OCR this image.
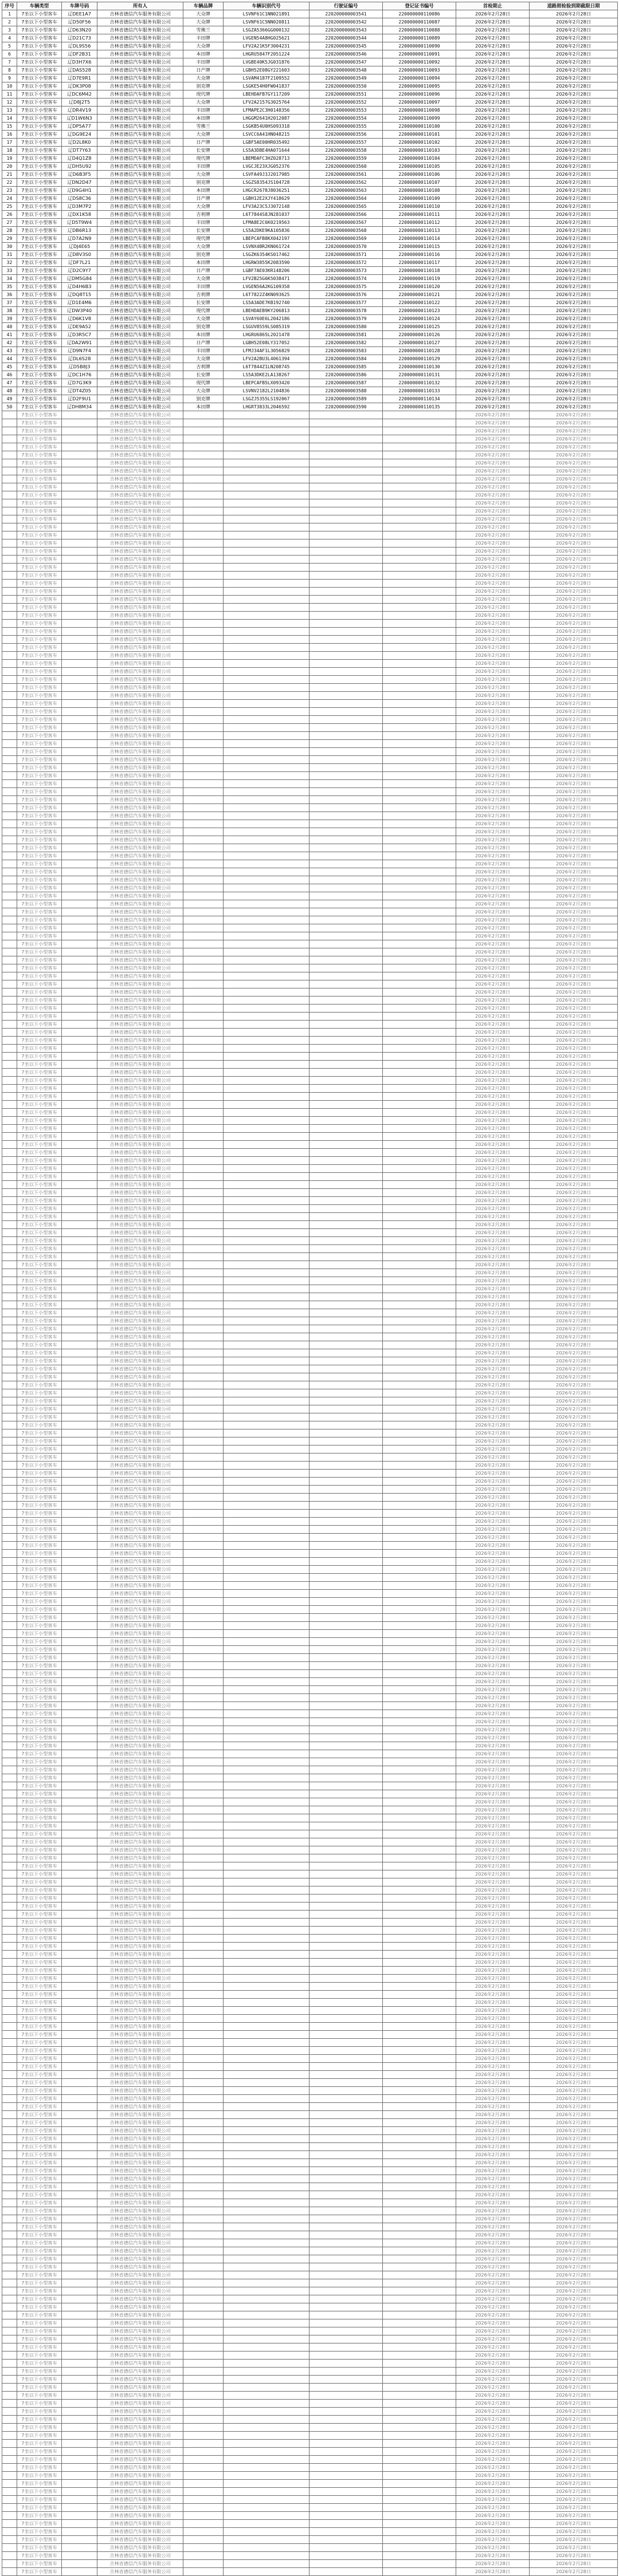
序号	车辆类型	车牌号码	所有人	车辆品牌	车辆识别代号	行驶证编号	登记证书编号	首检期止	道路照检验到期截限日期
1	7坐以下小型客车	辽DEE1A7	吉林省德信汽车服务有限公司	大众牌	LSVNF61C1NN021891	220200000003541	220000000110086	2026年2月28日	2026年2月28日
2	7坐以下小型客车	辽D50F56	吉林省德信汽车服务有限公司	大众牌	LSVNF61C5NN020811	220200000003542	220000000110087	2026年2月28日	2026年2月28日
3	7坐以下小型客车	辽D63N20	吉林省德信汽车服务有限公司	雪佛兰	LSGZA5366GG000132	220200000003543	220000000110088	2026年2月28日	2026年2月28日
4	7坐以下小型客车	辽D21C73	吉林省德信汽车服务有限公司	丰田牌	LVGEN54A8HG025621	220200000003544	220000000110089	2026年2月28日	2026年2月28日
5	7坐以下小型客车	辽DL9S56	吉林省德信汽车服务有限公司	大众牌	LFV2A21K5F3004231	220200000003545	220000000110090	2026年2月28日	2026年2月28日
6	7坐以下小型客车	辽DF2B31	吉林省德信汽车服务有限公司	本田牌	LHGRU5847F2051224	220200000003546	220000000110091	2026年2月28日	2026年2月28日
7	7坐以下小型客车	辽D3H7X6	吉林省德信汽车服务有限公司	丰田牌	LVGBE40K5JG031876	220200000003547	220000000110092	2026年2月28日	2026年2月28日
8	7坐以下小型客车	辽DAS528	吉林省德信汽车服务有限公司	日产牌	LGBH52E08GY221603	220200000003548	220000000110093	2026年2月28日	2026年2月28日
9	7坐以下小型客车	辽D7E9R1	吉林省德信汽车服务有限公司	大众牌	LSVAM4187F2109552	220200000003549	220000000110094	2026年2月28日	2026年2月28日
10	7坐以下小型客车	辽DK3P08	吉林省德信汽车服务有限公司	别克牌	LSGKE54H0FW041837	220200000003550	220000000110095	2026年2月28日	2026年2月28日
11	7坐以下小型客车	辽DC6M42	吉林省德信汽车服务有限公司	现代牌	LBEHDAFB7GY117209	220200000003551	220000000110096	2026年2月28日	2026年2月28日
12	7坐以下小型客车	辽D8J2T5	吉林省德信汽车服务有限公司	大众牌	LFV2A2157G3025764	220200000003552	220000000110097	2026年2月28日	2026年2月28日
13	7坐以下小型客车	辽DR4V19	吉林省德信汽车服务有限公司	丰田牌	LFMAPE2C3H0148356	220200000003553	220000000110098	2026年2月28日	2026年2月28日
14	7坐以下小型客车	辽D1W6N3	吉林省德信汽车服务有限公司	本田牌	LHGGM2641H2012087	220200000003554	220000000110099	2026年2月28日	2026年2月28日
15	7坐以下小型客车	辽DP5A77	吉林省德信汽车服务有限公司	雪佛兰	LSGKB54U0HS093318	220200000003555	220000000110100	2026年2月28日	2026年2月28日
16	7坐以下小型客车	辽DG9E24	吉林省德信汽车服务有限公司	大众牌	LSVCC6A41HN048215	220200000003556	220000000110101	2026年2月28日	2026年2月28日
17	7坐以下小型客车	辽D2L8K0	吉林省德信汽车服务有限公司	日产牌	LGBF5AE00HR035492	220200000003557	220000000110102	2026年2月28日	2026年2月28日
18	7坐以下小型客车	辽DT7Y63	吉林省德信汽车服务有限公司	长安牌	LS5A3DBE4HA071644	220200000003558	220000000110103	2026年2月28日	2026年2月28日
19	7坐以下小型客车	辽D4Q1Z8	吉林省德信汽车服务有限公司	现代牌	LBEMDAFC3HZ028713	220200000003559	220000000110104	2026年2月28日	2026年2月28日
20	7坐以下小型客车	辽DH5U92	吉林省德信汽车服务有限公司	丰田牌	LVGCJE23XJG052376	220200000003560	220000000110105	2026年2月28日	2026年2月28日
21	7坐以下小型客车	辽D6B3F5	吉林省德信汽车服务有限公司	大众牌	LSVFA49J3J2017985	220200000003561	220000000110106	2026年2月28日	2026年2月28日
22	7坐以下小型客车	辽DN2D47	吉林省德信汽车服务有限公司	别克牌	LSGZS8354JS104728	220200000003562	220000000110107	2026年2月28日	2026年2月28日
23	7坐以下小型客车	辽D9G4H1	吉林省德信汽车服务有限公司	本田牌	LHGCR2678J8036251	220200000003563	220000000110108	2026年2月28日	2026年2月28日
24	7坐以下小型客车	辽DS8C36	吉林省德信汽车服务有限公司	日产牌	LGBH12E2XJY418629	220200000003564	220000000110109	2026年2月28日	2026年2月28日
25	7坐以下小型客车	辽D3M7P2	吉林省德信汽车服务有限公司	大众牌	LFV3A23C5J3072148	220200000003565	220000000110110	2026年2月28日	2026年2月28日
26	7坐以下小型客车	辽DX1K58	吉林省德信汽车服务有限公司	吉利牌	L6T7844S8JN281037	220200000003566	220000000110111	2026年2月28日	2026年2月28日
27	7坐以下小型客车	辽D5T9W4	吉林省德信汽车服务有限公司	丰田牌	LFMA8E2C6K0219563	220200000003567	220000000110112	2026年2月28日	2026年2月28日
28	7坐以下小型客车	辽DB6R13	吉林省德信汽车服务有限公司	长安牌	LS5A2DKE9KA105836	220200000003568	220000000110113	2026年2月28日	2026年2月28日
29	7坐以下小型客车	辽D7A2N9	吉林省德信汽车服务有限公司	现代牌	LBEPCAFB8KX042197	220200000003569	220000000110114	2026年2月28日	2026年2月28日
30	7坐以下小型客车	辽DJ4E65	吉林省德信汽车服务有限公司	大众牌	LSVNX4BR2KN061724	220200000003570	220000000110115	2026年2月28日	2026年2月28日
31	7坐以下小型客车	辽D8V3S0	吉林省德信汽车服务有限公司	别克牌	LSGZK6354KS017462	220200000003571	220000000110116	2026年2月28日	2026年2月28日
32	7坐以下小型客车	辽DF7L21	吉林省德信汽车服务有限公司	本田牌	LHGRW3855K2083590	220200000003572	220000000110117	2026年2月28日	2026年2月28日
33	7坐以下小型客车	辽D2C9Y7	吉林省德信汽车服务有限公司	日产牌	LGBF7AE03KR148206	220200000003573	220000000110118	2026年2月28日	2026年2月28日
34	7坐以下小型客车	辽DM5G84	吉林省德信汽车服务有限公司	大众牌	LFV2B25G6K5038471	220200000003574	220000000110119	2026年2月28日	2026年2月28日
35	7坐以下小型客车	辽D4H6B3	吉林省德信汽车服务有限公司	丰田牌	LVGEN56A2KG109358	220200000003575	220000000110120	2026年2月28日	2026年2月28日
36	7坐以下小型客车	辽DQ8T15	吉林省德信汽车服务有限公司	吉利牌	L6T7822Z4KN093625	220200000003576	220000000110121	2026年2月28日	2026年2月28日
37	7坐以下小型客车	辽D1E4M6	吉林省德信汽车服务有限公司	长安牌	LS5A3ADE7KB192740	220200000003577	220000000110122	2026年2月28日	2026年2月28日
38	7坐以下小型客车	辽DW3P40	吉林省德信汽车服务有限公司	现代牌	LBEHDAEB9KY206813	220200000003578	220000000110123	2026年2月28日	2026年2月28日
39	7坐以下小型客车	辽D6K1V8	吉林省德信汽车服务有限公司	大众牌	LSVAY60E6L2042186	220200000003579	220000000110124	2026年2月28日	2026年2月28日
40	7坐以下小型客车	辽DE9A52	吉林省德信汽车服务有限公司	别克牌	LSGUV8559LS085319	220200000003580	220000000110125	2026年2月28日	2026年2月28日
41	7坐以下小型客车	辽D3R5C7	吉林省德信汽车服务有限公司	本田牌	LHGRU6865L2021478	220200000003581	220000000110126	2026年2月28日	2026年2月28日
42	7坐以下小型客车	辽DA2W91	吉林省德信汽车服务有限公司	日产牌	LGBH52E08LY317052	220200000003582	220000000110127	2026年2月28日	2026年2月28日
43	7坐以下小型客车	辽D9N7F4	吉林省德信汽车服务有限公司	丰田牌	LFMJ34AF1L3056829	220200000003583	220000000110128	2026年2月28日	2026年2月28日
44	7坐以下小型客车	辽DL6S28	吉林省德信汽车服务有限公司	大众牌	LFV2A2BU3L4061394	220200000003584	220000000110129	2026年2月28日	2026年2月28日
45	7坐以下小型客车	辽D5B8J3	吉林省德信汽车服务有限公司	吉利牌	L6T7844Z1LN208745	220200000003585	220000000110130	2026年2月28日	2026年2月28日
46	7坐以下小型客车	辽DC1H76	吉林省德信汽车服务有限公司	长安牌	LS5A3DKE2LA138267	220200000003586	220000000110131	2026年2月28日	2026年2月28日
47	7坐以下小型客车	辽D7G3K9	吉林省德信汽车服务有限公司	现代牌	LBEPCAFB5LX093420	220200000003587	220000000110132	2026年2月28日	2026年2月28日
48	7坐以下小型客车	辽DT4Z05	吉林省德信汽车服务有限公司	大众牌	LSVNV2182L2104836	220200000003588	220000000110133	2026年2月28日	2026年2月28日
49	7坐以下小型客车	辽D2F9U1	吉林省德信汽车服务有限公司	别克牌	LSGZJ5355LS192067	220200000003589	220000000110134	2026年2月28日	2026年2月28日
50	7坐以下小型客车	辽DH8M34	吉林省德信汽车服务有限公司	本田牌	LHGRT3833L2046592	220200000003590	220000000110135	2026年2月28日	2026年2月28日
	7坐以下小型客车		吉林省德信汽车服务有限公司					2026年2月28日	2026年2月28日
	7坐以下小型客车		吉林省德信汽车服务有限公司					2026年2月28日	2026年2月28日
	7坐以下小型客车		吉林省德信汽车服务有限公司					2026年2月28日	2026年2月28日
	7坐以下小型客车		吉林省德信汽车服务有限公司					2026年2月28日	2026年2月28日
	7坐以下小型客车		吉林省德信汽车服务有限公司					2026年2月28日	2026年2月28日
	7坐以下小型客车		吉林省德信汽车服务有限公司					2026年2月28日	2026年2月28日
	7坐以下小型客车		吉林省德信汽车服务有限公司					2026年2月28日	2026年2月28日
	7坐以下小型客车		吉林省德信汽车服务有限公司					2026年2月28日	2026年2月28日
	7坐以下小型客车		吉林省德信汽车服务有限公司					2026年2月28日	2026年2月28日
	7坐以下小型客车		吉林省德信汽车服务有限公司					2026年2月28日	2026年2月28日
	7坐以下小型客车		吉林省德信汽车服务有限公司					2026年2月28日	2026年2月28日
	7坐以下小型客车		吉林省德信汽车服务有限公司					2026年2月28日	2026年2月28日
	7坐以下小型客车		吉林省德信汽车服务有限公司					2026年2月28日	2026年2月28日
	7坐以下小型客车		吉林省德信汽车服务有限公司					2026年2月28日	2026年2月28日
	7坐以下小型客车		吉林省德信汽车服务有限公司					2026年2月28日	2026年2月28日
	7坐以下小型客车		吉林省德信汽车服务有限公司					2026年2月28日	2026年2月28日
	7坐以下小型客车		吉林省德信汽车服务有限公司					2026年2月28日	2026年2月28日
	7坐以下小型客车		吉林省德信汽车服务有限公司					2026年2月28日	2026年2月28日
	7坐以下小型客车		吉林省德信汽车服务有限公司					2026年2月28日	2026年2月28日
	7坐以下小型客车		吉林省德信汽车服务有限公司					2026年2月28日	2026年2月28日
	7坐以下小型客车		吉林省德信汽车服务有限公司					2026年2月28日	2026年2月28日
	7坐以下小型客车		吉林省德信汽车服务有限公司					2026年2月28日	2026年2月28日
	7坐以下小型客车		吉林省德信汽车服务有限公司					2026年2月28日	2026年2月28日
	7坐以下小型客车		吉林省德信汽车服务有限公司					2026年2月28日	2026年2月28日
	7坐以下小型客车		吉林省德信汽车服务有限公司					2026年2月28日	2026年2月28日
	7坐以下小型客车		吉林省德信汽车服务有限公司					2026年2月28日	2026年2月28日
	7坐以下小型客车		吉林省德信汽车服务有限公司					2026年2月28日	2026年2月28日
	7坐以下小型客车		吉林省德信汽车服务有限公司					2026年2月28日	2026年2月28日
	7坐以下小型客车		吉林省德信汽车服务有限公司					2026年2月28日	2026年2月28日
	7坐以下小型客车		吉林省德信汽车服务有限公司					2026年2月28日	2026年2月28日
	7坐以下小型客车		吉林省德信汽车服务有限公司					2026年2月28日	2026年2月28日
	7坐以下小型客车		吉林省德信汽车服务有限公司					2026年2月28日	2026年2月28日
	7坐以下小型客车		吉林省德信汽车服务有限公司					2026年2月28日	2026年2月28日
	7坐以下小型客车		吉林省德信汽车服务有限公司					2026年2月28日	2026年2月28日
	7坐以下小型客车		吉林省德信汽车服务有限公司					2026年2月28日	2026年2月28日
	7坐以下小型客车		吉林省德信汽车服务有限公司					2026年2月28日	2026年2月28日
	7坐以下小型客车		吉林省德信汽车服务有限公司					2026年2月28日	2026年2月28日
	7坐以下小型客车		吉林省德信汽车服务有限公司					2026年2月28日	2026年2月28日
	7坐以下小型客车		吉林省德信汽车服务有限公司					2026年2月28日	2026年2月28日
	7坐以下小型客车		吉林省德信汽车服务有限公司					2026年2月28日	2026年2月28日
	7坐以下小型客车		吉林省德信汽车服务有限公司					2026年2月28日	2026年2月28日
	7坐以下小型客车		吉林省德信汽车服务有限公司					2026年2月28日	2026年2月28日
	7坐以下小型客车		吉林省德信汽车服务有限公司					2026年2月28日	2026年2月28日
	7坐以下小型客车		吉林省德信汽车服务有限公司					2026年2月28日	2026年2月28日
	7坐以下小型客车		吉林省德信汽车服务有限公司					2026年2月28日	2026年2月28日
	7坐以下小型客车		吉林省德信汽车服务有限公司					2026年2月28日	2026年2月28日
	7坐以下小型客车		吉林省德信汽车服务有限公司					2026年2月28日	2026年2月28日
	7坐以下小型客车		吉林省德信汽车服务有限公司					2026年2月28日	2026年2月28日
	7坐以下小型客车		吉林省德信汽车服务有限公司					2026年2月28日	2026年2月28日
	7坐以下小型客车		吉林省德信汽车服务有限公司					2026年2月28日	2026年2月28日
	7坐以下小型客车		吉林省德信汽车服务有限公司					2026年2月28日	2026年2月28日
	7坐以下小型客车		吉林省德信汽车服务有限公司					2026年2月28日	2026年2月28日
	7坐以下小型客车		吉林省德信汽车服务有限公司					2026年2月28日	2026年2月28日
	7坐以下小型客车		吉林省德信汽车服务有限公司					2026年2月28日	2026年2月28日
	7坐以下小型客车		吉林省德信汽车服务有限公司					2026年2月28日	2026年2月28日
	7坐以下小型客车		吉林省德信汽车服务有限公司					2026年2月28日	2026年2月28日
	7坐以下小型客车		吉林省德信汽车服务有限公司					2026年2月28日	2026年2月28日
	7坐以下小型客车		吉林省德信汽车服务有限公司					2026年2月28日	2026年2月28日
	7坐以下小型客车		吉林省德信汽车服务有限公司					2026年2月28日	2026年2月28日
	7坐以下小型客车		吉林省德信汽车服务有限公司					2026年2月28日	2026年2月28日
	7坐以下小型客车		吉林省德信汽车服务有限公司					2026年2月28日	2026年2月28日
	7坐以下小型客车		吉林省德信汽车服务有限公司					2026年2月28日	2026年2月28日
	7坐以下小型客车		吉林省德信汽车服务有限公司					2026年2月28日	2026年2月28日
	7坐以下小型客车		吉林省德信汽车服务有限公司					2026年2月28日	2026年2月28日
	7坐以下小型客车		吉林省德信汽车服务有限公司					2026年2月28日	2026年2月28日
	7坐以下小型客车		吉林省德信汽车服务有限公司					2026年2月28日	2026年2月28日
	7坐以下小型客车		吉林省德信汽车服务有限公司					2026年2月28日	2026年2月28日
	7坐以下小型客车		吉林省德信汽车服务有限公司					2026年2月28日	2026年2月28日
	7坐以下小型客车		吉林省德信汽车服务有限公司					2026年2月28日	2026年2月28日
	7坐以下小型客车		吉林省德信汽车服务有限公司					2026年2月28日	2026年2月28日
	7坐以下小型客车		吉林省德信汽车服务有限公司					2026年2月28日	2026年2月28日
	7坐以下小型客车		吉林省德信汽车服务有限公司					2026年2月28日	2026年2月28日
	7坐以下小型客车		吉林省德信汽车服务有限公司					2026年2月28日	2026年2月28日
	7坐以下小型客车		吉林省德信汽车服务有限公司					2026年2月28日	2026年2月28日
	7坐以下小型客车		吉林省德信汽车服务有限公司					2026年2月28日	2026年2月28日
	7坐以下小型客车		吉林省德信汽车服务有限公司					2026年2月28日	2026年2月28日
	7坐以下小型客车		吉林省德信汽车服务有限公司					2026年2月28日	2026年2月28日
	7坐以下小型客车		吉林省德信汽车服务有限公司					2026年2月28日	2026年2月28日
	7坐以下小型客车		吉林省德信汽车服务有限公司					2026年2月28日	2026年2月28日
	7坐以下小型客车		吉林省德信汽车服务有限公司					2026年2月28日	2026年2月28日
	7坐以下小型客车		吉林省德信汽车服务有限公司					2026年2月28日	2026年2月28日
	7坐以下小型客车		吉林省德信汽车服务有限公司					2026年2月28日	2026年2月28日
	7坐以下小型客车		吉林省德信汽车服务有限公司					2026年2月28日	2026年2月28日
	7坐以下小型客车		吉林省德信汽车服务有限公司					2026年2月28日	2026年2月28日
	7坐以下小型客车		吉林省德信汽车服务有限公司					2026年2月28日	2026年2月28日
	7坐以下小型客车		吉林省德信汽车服务有限公司					2026年2月28日	2026年2月28日
	7坐以下小型客车		吉林省德信汽车服务有限公司					2026年2月28日	2026年2月28日
	7坐以下小型客车		吉林省德信汽车服务有限公司					2026年2月28日	2026年2月28日
	7坐以下小型客车		吉林省德信汽车服务有限公司					2026年2月28日	2026年2月28日
	7坐以下小型客车		吉林省德信汽车服务有限公司					2026年2月28日	2026年2月28日
	7坐以下小型客车		吉林省德信汽车服务有限公司					2026年2月28日	2026年2月28日
	7坐以下小型客车		吉林省德信汽车服务有限公司					2026年2月28日	2026年2月28日
	7坐以下小型客车		吉林省德信汽车服务有限公司					2026年2月28日	2026年2月28日
	7坐以下小型客车		吉林省德信汽车服务有限公司					2026年2月28日	2026年2月28日
	7坐以下小型客车		吉林省德信汽车服务有限公司					2026年2月28日	2026年2月28日
	7坐以下小型客车		吉林省德信汽车服务有限公司					2026年2月28日	2026年2月28日
	7坐以下小型客车		吉林省德信汽车服务有限公司					2026年2月28日	2026年2月28日
	7坐以下小型客车		吉林省德信汽车服务有限公司					2026年2月28日	2026年2月28日
	7坐以下小型客车		吉林省德信汽车服务有限公司					2026年2月28日	2026年2月28日
	7坐以下小型客车		吉林省德信汽车服务有限公司					2026年2月28日	2026年2月28日
	7坐以下小型客车		吉林省德信汽车服务有限公司					2026年2月28日	2026年2月28日
	7坐以下小型客车		吉林省德信汽车服务有限公司					2026年2月28日	2026年2月28日
	7坐以下小型客车		吉林省德信汽车服务有限公司					2026年2月28日	2026年2月28日
	7坐以下小型客车		吉林省德信汽车服务有限公司					2026年2月28日	2026年2月28日
	7坐以下小型客车		吉林省德信汽车服务有限公司					2026年2月28日	2026年2月28日
	7坐以下小型客车		吉林省德信汽车服务有限公司					2026年2月28日	2026年2月28日
	7坐以下小型客车		吉林省德信汽车服务有限公司					2026年2月28日	2026年2月28日
	7坐以下小型客车		吉林省德信汽车服务有限公司					2026年2月28日	2026年2月28日
	7坐以下小型客车		吉林省德信汽车服务有限公司					2026年2月28日	2026年2月28日
	7坐以下小型客车		吉林省德信汽车服务有限公司					2026年2月28日	2026年2月28日
	7坐以下小型客车		吉林省德信汽车服务有限公司					2026年2月28日	2026年2月28日
	7坐以下小型客车		吉林省德信汽车服务有限公司					2026年2月28日	2026年2月28日
	7坐以下小型客车		吉林省德信汽车服务有限公司					2026年2月28日	2026年2月28日
	7坐以下小型客车		吉林省德信汽车服务有限公司					2026年2月28日	2026年2月28日
	7坐以下小型客车		吉林省德信汽车服务有限公司					2026年2月28日	2026年2月28日
	7坐以下小型客车		吉林省德信汽车服务有限公司					2026年2月28日	2026年2月28日
	7坐以下小型客车		吉林省德信汽车服务有限公司					2026年2月28日	2026年2月28日
	7坐以下小型客车		吉林省德信汽车服务有限公司					2026年2月28日	2026年2月28日
	7坐以下小型客车		吉林省德信汽车服务有限公司					2026年2月28日	2026年2月28日
	7坐以下小型客车		吉林省德信汽车服务有限公司					2026年2月28日	2026年2月28日
	7坐以下小型客车		吉林省德信汽车服务有限公司					2026年2月28日	2026年2月28日
	7坐以下小型客车		吉林省德信汽车服务有限公司					2026年2月28日	2026年2月28日
	7坐以下小型客车		吉林省德信汽车服务有限公司					2026年2月28日	2026年2月28日
	7坐以下小型客车		吉林省德信汽车服务有限公司					2026年2月28日	2026年2月28日
	7坐以下小型客车		吉林省德信汽车服务有限公司					2026年2月28日	2026年2月28日
	7坐以下小型客车		吉林省德信汽车服务有限公司					2026年2月28日	2026年2月28日
	7坐以下小型客车		吉林省德信汽车服务有限公司					2026年2月28日	2026年2月28日
	7坐以下小型客车		吉林省德信汽车服务有限公司					2026年2月28日	2026年2月28日
	7坐以下小型客车		吉林省德信汽车服务有限公司					2026年2月28日	2026年2月28日
	7坐以下小型客车		吉林省德信汽车服务有限公司					2026年2月28日	2026年2月28日
	7坐以下小型客车		吉林省德信汽车服务有限公司					2026年2月28日	2026年2月28日
	7坐以下小型客车		吉林省德信汽车服务有限公司					2026年2月28日	2026年2月28日
	7坐以下小型客车		吉林省德信汽车服务有限公司					2026年2月28日	2026年2月28日
	7坐以下小型客车		吉林省德信汽车服务有限公司					2026年2月28日	2026年2月28日
	7坐以下小型客车		吉林省德信汽车服务有限公司					2026年2月28日	2026年2月28日
	7坐以下小型客车		吉林省德信汽车服务有限公司					2026年2月28日	2026年2月28日
	7坐以下小型客车		吉林省德信汽车服务有限公司					2026年2月28日	2026年2月28日
	7坐以下小型客车		吉林省德信汽车服务有限公司					2026年2月28日	2026年2月28日
	7坐以下小型客车		吉林省德信汽车服务有限公司					2026年2月28日	2026年2月28日
	7坐以下小型客车		吉林省德信汽车服务有限公司					2026年2月28日	2026年2月28日
	7坐以下小型客车		吉林省德信汽车服务有限公司					2026年2月28日	2026年2月28日
	7坐以下小型客车		吉林省德信汽车服务有限公司					2026年2月28日	2026年2月28日
	7坐以下小型客车		吉林省德信汽车服务有限公司					2026年2月28日	2026年2月28日
	7坐以下小型客车		吉林省德信汽车服务有限公司					2026年2月28日	2026年2月28日
	7坐以下小型客车		吉林省德信汽车服务有限公司					2026年2月28日	2026年2月28日
	7坐以下小型客车		吉林省德信汽车服务有限公司					2026年2月28日	2026年2月28日
	7坐以下小型客车		吉林省德信汽车服务有限公司					2026年2月28日	2026年2月28日
	7坐以下小型客车		吉林省德信汽车服务有限公司					2026年2月28日	2026年2月28日
	7坐以下小型客车		吉林省德信汽车服务有限公司					2026年2月28日	2026年2月28日
	7坐以下小型客车		吉林省德信汽车服务有限公司					2026年2月28日	2026年2月28日
	7坐以下小型客车		吉林省德信汽车服务有限公司					2026年2月28日	2026年2月28日
	7坐以下小型客车		吉林省德信汽车服务有限公司					2026年2月28日	2026年2月28日
	7坐以下小型客车		吉林省德信汽车服务有限公司					2026年2月28日	2026年2月28日
	7坐以下小型客车		吉林省德信汽车服务有限公司					2026年2月28日	2026年2月28日
	7坐以下小型客车		吉林省德信汽车服务有限公司					2026年2月28日	2026年2月28日
	7坐以下小型客车		吉林省德信汽车服务有限公司					2026年2月28日	2026年2月28日
	7坐以下小型客车		吉林省德信汽车服务有限公司					2026年2月28日	2026年2月28日
	7坐以下小型客车		吉林省德信汽车服务有限公司					2026年2月28日	2026年2月28日
	7坐以下小型客车		吉林省德信汽车服务有限公司					2026年2月28日	2026年2月28日
	7坐以下小型客车		吉林省德信汽车服务有限公司					2026年2月28日	2026年2月28日
	7坐以下小型客车		吉林省德信汽车服务有限公司					2026年2月28日	2026年2月28日
	7坐以下小型客车		吉林省德信汽车服务有限公司					2026年2月28日	2026年2月28日
	7坐以下小型客车		吉林省德信汽车服务有限公司					2026年2月28日	2026年2月28日
	7坐以下小型客车		吉林省德信汽车服务有限公司					2026年2月28日	2026年2月28日
	7坐以下小型客车		吉林省德信汽车服务有限公司					2026年2月28日	2026年2月28日
	7坐以下小型客车		吉林省德信汽车服务有限公司					2026年2月28日	2026年2月28日
	7坐以下小型客车		吉林省德信汽车服务有限公司					2026年2月28日	2026年2月28日
	7坐以下小型客车		吉林省德信汽车服务有限公司					2026年2月28日	2026年2月28日
	7坐以下小型客车		吉林省德信汽车服务有限公司					2026年2月28日	2026年2月28日
	7坐以下小型客车		吉林省德信汽车服务有限公司					2026年2月28日	2026年2月28日
	7坐以下小型客车		吉林省德信汽车服务有限公司					2026年2月28日	2026年2月28日
	7坐以下小型客车		吉林省德信汽车服务有限公司					2026年2月28日	2026年2月28日
	7坐以下小型客车		吉林省德信汽车服务有限公司					2026年2月28日	2026年2月28日
	7坐以下小型客车		吉林省德信汽车服务有限公司					2026年2月28日	2026年2月28日
	7坐以下小型客车		吉林省德信汽车服务有限公司					2026年2月28日	2026年2月28日
	7坐以下小型客车		吉林省德信汽车服务有限公司					2026年2月28日	2026年2月28日
	7坐以下小型客车		吉林省德信汽车服务有限公司					2026年2月28日	2026年2月28日
	7坐以下小型客车		吉林省德信汽车服务有限公司					2026年2月28日	2026年2月28日
	7坐以下小型客车		吉林省德信汽车服务有限公司					2026年2月28日	2026年2月28日
	7坐以下小型客车		吉林省德信汽车服务有限公司					2026年2月28日	2026年2月28日
	7坐以下小型客车		吉林省德信汽车服务有限公司					2026年2月28日	2026年2月28日
	7坐以下小型客车		吉林省德信汽车服务有限公司					2026年2月28日	2026年2月28日
	7坐以下小型客车		吉林省德信汽车服务有限公司					2026年2月28日	2026年2月28日
	7坐以下小型客车		吉林省德信汽车服务有限公司					2026年2月28日	2026年2月28日
	7坐以下小型客车		吉林省德信汽车服务有限公司					2026年2月28日	2026年2月28日
	7坐以下小型客车		吉林省德信汽车服务有限公司					2026年2月28日	2026年2月28日
	7坐以下小型客车		吉林省德信汽车服务有限公司					2026年2月28日	2026年2月28日
	7坐以下小型客车		吉林省德信汽车服务有限公司					2026年2月28日	2026年2月28日
	7坐以下小型客车		吉林省德信汽车服务有限公司					2026年2月28日	2026年2月28日
	7坐以下小型客车		吉林省德信汽车服务有限公司					2026年2月28日	2026年2月28日
	7坐以下小型客车		吉林省德信汽车服务有限公司					2026年2月28日	2026年2月28日
	7坐以下小型客车		吉林省德信汽车服务有限公司					2026年2月28日	2026年2月28日
	7坐以下小型客车		吉林省德信汽车服务有限公司					2026年2月28日	2026年2月28日
	7坐以下小型客车		吉林省德信汽车服务有限公司					2026年2月28日	2026年2月28日
	7坐以下小型客车		吉林省德信汽车服务有限公司					2026年2月28日	2026年2月28日
	7坐以下小型客车		吉林省德信汽车服务有限公司					2026年2月28日	2026年2月28日
	7坐以下小型客车		吉林省德信汽车服务有限公司					2026年2月28日	2026年2月28日
	7坐以下小型客车		吉林省德信汽车服务有限公司					2026年2月28日	2026年2月28日
	7坐以下小型客车		吉林省德信汽车服务有限公司					2026年2月28日	2026年2月28日
	7坐以下小型客车		吉林省德信汽车服务有限公司					2026年2月28日	2026年2月28日
	7坐以下小型客车		吉林省德信汽车服务有限公司					2026年2月28日	2026年2月28日
	7坐以下小型客车		吉林省德信汽车服务有限公司					2026年2月28日	2026年2月28日
	7坐以下小型客车		吉林省德信汽车服务有限公司					2026年2月28日	2026年2月28日
	7坐以下小型客车		吉林省德信汽车服务有限公司					2026年2月28日	2026年2月28日
	7坐以下小型客车		吉林省德信汽车服务有限公司					2026年2月28日	2026年2月28日
	7坐以下小型客车		吉林省德信汽车服务有限公司					2026年2月28日	2026年2月28日
	7坐以下小型客车		吉林省德信汽车服务有限公司					2026年2月28日	2026年2月28日
	7坐以下小型客车		吉林省德信汽车服务有限公司					2026年2月28日	2026年2月28日
	7坐以下小型客车		吉林省德信汽车服务有限公司					2026年2月28日	2026年2月28日
	7坐以下小型客车		吉林省德信汽车服务有限公司					2026年2月28日	2026年2月28日
	7坐以下小型客车		吉林省德信汽车服务有限公司					2026年2月28日	2026年2月28日
	7坐以下小型客车		吉林省德信汽车服务有限公司					2026年2月28日	2026年2月28日
	7坐以下小型客车		吉林省德信汽车服务有限公司					2026年2月28日	2026年2月28日
	7坐以下小型客车		吉林省德信汽车服务有限公司					2026年2月28日	2026年2月28日
	7坐以下小型客车		吉林省德信汽车服务有限公司					2026年2月28日	2026年2月28日
	7坐以下小型客车		吉林省德信汽车服务有限公司					2026年2月28日	2026年2月28日
	7坐以下小型客车		吉林省德信汽车服务有限公司					2026年2月28日	2026年2月28日
	7坐以下小型客车		吉林省德信汽车服务有限公司					2026年2月28日	2026年2月28日
	7坐以下小型客车		吉林省德信汽车服务有限公司					2026年2月28日	2026年2月28日
	7坐以下小型客车		吉林省德信汽车服务有限公司					2026年2月28日	2026年2月28日
	7坐以下小型客车		吉林省德信汽车服务有限公司					2026年2月28日	2026年2月28日
	7坐以下小型客车		吉林省德信汽车服务有限公司					2026年2月28日	2026年2月28日
	7坐以下小型客车		吉林省德信汽车服务有限公司					2026年2月28日	2026年2月28日
	7坐以下小型客车		吉林省德信汽车服务有限公司					2026年2月28日	2026年2月28日
	7坐以下小型客车		吉林省德信汽车服务有限公司					2026年2月28日	2026年2月28日
	7坐以下小型客车		吉林省德信汽车服务有限公司					2026年2月28日	2026年2月28日
	7坐以下小型客车		吉林省德信汽车服务有限公司					2026年2月28日	2026年2月28日
	7坐以下小型客车		吉林省德信汽车服务有限公司					2026年2月28日	2026年2月28日
	7坐以下小型客车		吉林省德信汽车服务有限公司					2026年2月28日	2026年2月28日
	7坐以下小型客车		吉林省德信汽车服务有限公司					2026年2月28日	2026年2月28日
	7坐以下小型客车		吉林省德信汽车服务有限公司					2026年2月28日	2026年2月28日
	7坐以下小型客车		吉林省德信汽车服务有限公司					2026年2月28日	2026年2月28日
	7坐以下小型客车		吉林省德信汽车服务有限公司					2026年2月28日	2026年2月28日
	7坐以下小型客车		吉林省德信汽车服务有限公司					2026年2月28日	2026年2月28日
	7坐以下小型客车		吉林省德信汽车服务有限公司					2026年2月28日	2026年2月28日
	7坐以下小型客车		吉林省德信汽车服务有限公司					2026年2月28日	2026年2月28日
	7坐以下小型客车		吉林省德信汽车服务有限公司					2026年2月28日	2026年2月28日
	7坐以下小型客车		吉林省德信汽车服务有限公司					2026年2月28日	2026年2月28日
	7坐以下小型客车		吉林省德信汽车服务有限公司					2026年2月28日	2026年2月28日
	7坐以下小型客车		吉林省德信汽车服务有限公司					2026年2月28日	2026年2月28日
	7坐以下小型客车		吉林省德信汽车服务有限公司					2026年2月28日	2026年2月28日
	7坐以下小型客车		吉林省德信汽车服务有限公司					2026年2月28日	2026年2月28日
	7坐以下小型客车		吉林省德信汽车服务有限公司					2026年2月28日	2026年2月28日
	7坐以下小型客车		吉林省德信汽车服务有限公司					2026年2月28日	2026年2月28日
	7坐以下小型客车		吉林省德信汽车服务有限公司					2026年2月28日	2026年2月28日
	7坐以下小型客车		吉林省德信汽车服务有限公司					2026年2月28日	2026年2月28日
	7坐以下小型客车		吉林省德信汽车服务有限公司					2026年2月28日	2026年2月28日
	7坐以下小型客车		吉林省德信汽车服务有限公司					2026年2月28日	2026年2月28日
	7坐以下小型客车		吉林省德信汽车服务有限公司					2026年2月28日	2026年2月28日
	7坐以下小型客车		吉林省德信汽车服务有限公司					2026年2月28日	2026年2月28日
	7坐以下小型客车		吉林省德信汽车服务有限公司					2026年2月28日	2026年2月28日
	7坐以下小型客车		吉林省德信汽车服务有限公司					2026年2月28日	2026年2月28日
	7坐以下小型客车		吉林省德信汽车服务有限公司					2026年2月28日	2026年2月28日
	7坐以下小型客车		吉林省德信汽车服务有限公司					2026年2月28日	2026年2月28日
	7坐以下小型客车		吉林省德信汽车服务有限公司					2026年2月28日	2026年2月28日
	7坐以下小型客车		吉林省德信汽车服务有限公司					2026年2月28日	2026年2月28日
	7坐以下小型客车		吉林省德信汽车服务有限公司					2026年2月28日	2026年2月28日
	7坐以下小型客车		吉林省德信汽车服务有限公司					2026年2月28日	2026年2月28日
	7坐以下小型客车		吉林省德信汽车服务有限公司					2026年2月28日	2026年2月28日
	7坐以下小型客车		吉林省德信汽车服务有限公司					2026年2月28日	2026年2月28日
	7坐以下小型客车		吉林省德信汽车服务有限公司					2026年2月28日	2026年2月28日
	7坐以下小型客车		吉林省德信汽车服务有限公司					2026年2月28日	2026年2月28日
	7坐以下小型客车		吉林省德信汽车服务有限公司					2026年2月28日	2026年2月28日
	7坐以下小型客车		吉林省德信汽车服务有限公司					2026年2月28日	2026年2月28日
	7坐以下小型客车		吉林省德信汽车服务有限公司					2026年2月28日	2026年2月28日
	7坐以下小型客车		吉林省德信汽车服务有限公司					2026年2月28日	2026年2月28日
	7坐以下小型客车		吉林省德信汽车服务有限公司					2026年2月28日	2026年2月28日
	7坐以下小型客车		吉林省德信汽车服务有限公司					2026年2月28日	2026年2月28日
	7坐以下小型客车		吉林省德信汽车服务有限公司					2026年2月28日	2026年2月28日
	7坐以下小型客车		吉林省德信汽车服务有限公司					2026年2月28日	2026年2月28日
